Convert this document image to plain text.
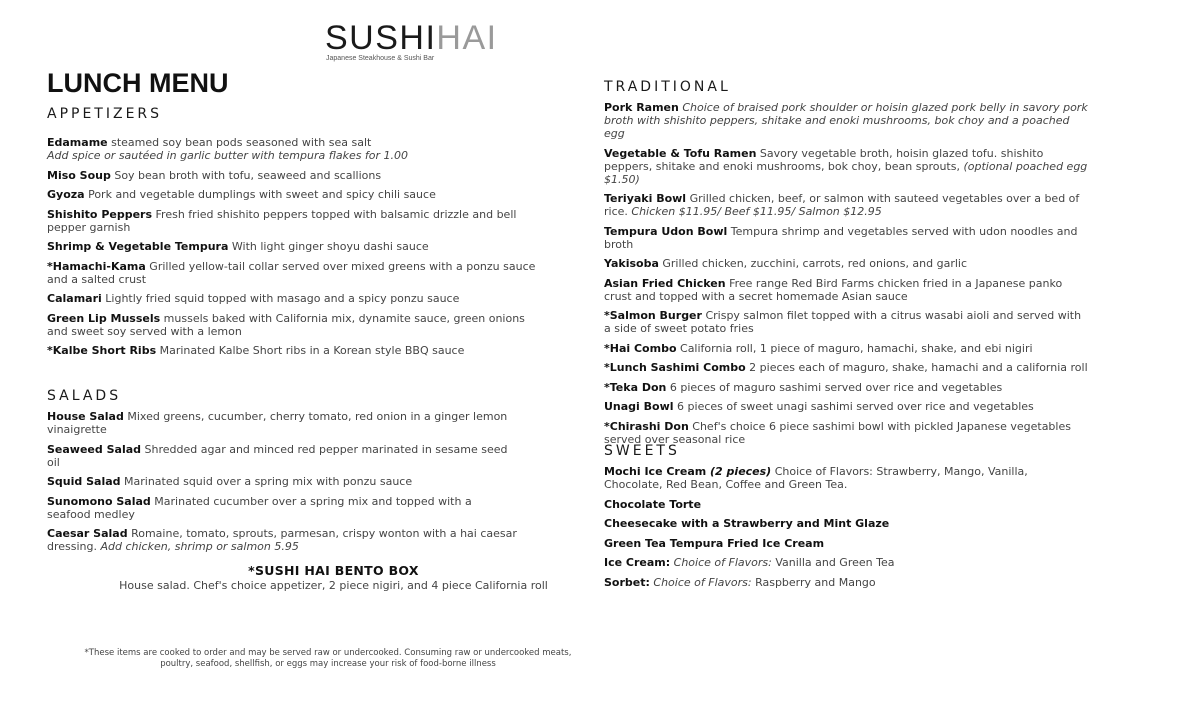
SUSHIHAI
Japanese Steakhouse & Sushi Bar
LUNCH MENU
APPETIZERS

Edamame steamed soy bean pods seasoned with sea salt
Add spice or sautéed in garlic butter with tempura flakes for 1.00

Miso Soup Soy bean broth with tofu, seaweed and scallions

Gyoza Pork and vegetable dumplings with sweet and spicy chili sauce

Shishito Peppers Fresh fried shishito peppers topped with balsamic drizzle and bell pepper garnish

Shrimp & Vegetable Tempura With light ginger shoyu dashi sauce

*Hamachi-Kama Grilled yellow-tail collar served over mixed greens with a ponzu sauce and a salted crust

Calamari Lightly fried squid topped with masago and a spicy ponzu sauce

Green Lip Mussels mussels baked with California mix, dynamite sauce, green onions and sweet soy served with a lemon

*Kalbe Short Ribs Marinated Kalbe Short ribs in a Korean style BBQ sauce

SALADS

House Salad Mixed greens, cucumber, cherry tomato, red onion in a ginger lemon vinaigrette

Seaweed Salad Shredded agar and minced red pepper marinated in sesame seed oil

Squid Salad Marinated squid over a spring mix with ponzu sauce

Sunomono Salad Marinated cucumber over a spring mix and topped with a seafood medley

Caesar Salad Romaine, tomato, sprouts, parmesan, crispy wonton with a hai caesar dressing. Add chicken, shrimp or salmon 5.95

*SUSHI HAI BENTO BOX
House salad. Chef's choice appetizer, 2 piece nigiri, and 4 piece California roll
TRADITIONAL

Pork Ramen Choice of braised pork shoulder or hoisin glazed pork belly in savory pork broth with shishito peppers, shitake and enoki mushrooms, bok choy and a poached egg

Vegetable & Tofu Ramen Savory vegetable broth, hoisin glazed tofu. shishito peppers, shitake and enoki mushrooms, bok choy, bean sprouts, (optional poached egg $1.50)

Teriyaki Bowl Grilled chicken, beef, or salmon with sauteed vegetables over a bed of rice. Chicken $11.95/ Beef $11.95/ Salmon $12.95

Tempura Udon Bowl Tempura shrimp and vegetables served with udon noodles and broth

Yakisoba Grilled chicken, zucchini, carrots, red onions, and garlic

Asian Fried Chicken Free range Red Bird Farms chicken fried in a Japanese panko crust and topped with a secret homemade Asian sauce

*Salmon Burger Crispy salmon filet topped with a citrus wasabi aioli and served with a side of sweet potato fries

*Hai Combo California roll, 1 piece of maguro, hamachi, shake, and ebi nigiri

*Lunch Sashimi Combo 2 pieces each of maguro, shake, hamachi and a california roll

*Teka Don 6 pieces of maguro sashimi served over rice and vegetables

Unagi Bowl 6 pieces of sweet unagi sashimi served over rice and vegetables

*Chirashi Don Chef's choice 6 piece sashimi bowl with pickled Japanese vegetables served over seasonal rice

SWEETS

Mochi Ice Cream (2 pieces) Choice of Flavors: Strawberry, Mango, Vanilla, Chocolate, Red Bean, Coffee and Green Tea.

Chocolate Torte

Cheesecake with a Strawberry and Mint Glaze

Green Tea Tempura Fried Ice Cream

Ice Cream: Choice of Flavors: Vanilla and Green Tea

Sorbet: Choice of Flavors: Raspberry and Mango

*These items are cooked to order and may be served raw or undercooked. Consuming raw or undercooked meats,
poultry, seafood, shellfish, or eggs may increase your risk of food-borne illness
